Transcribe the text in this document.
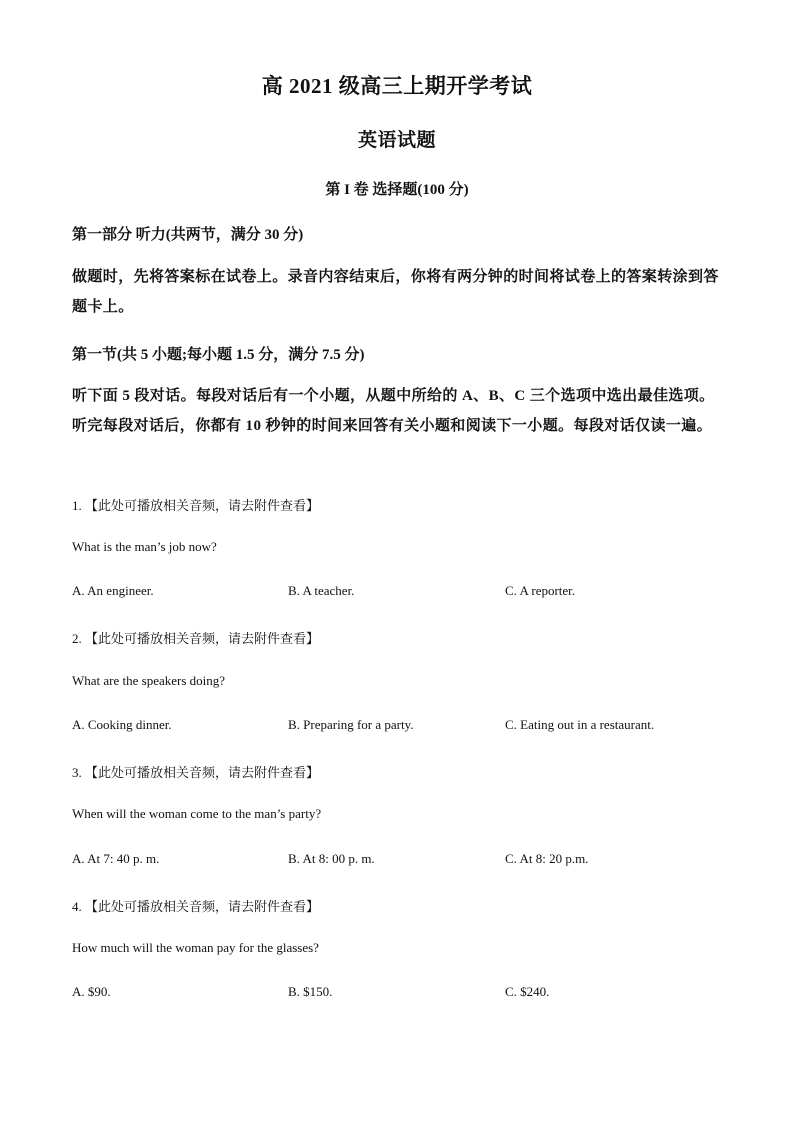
高 2021 级高三上期开学考试
英语试题
第 I 卷 选择题(100 分)
第一部分 听力(共两节，满分 30 分)
做题时，先将答案标在试卷上。录音内容结束后，你将有两分钟的时间将试卷上的答案转涂到答题卡上。
第一节(共 5 小题;每小题 1.5 分，满分 7.5 分)
听下面 5 段对话。每段对话后有一个小题，从题中所给的 A、B、C 三个选项中选出最佳选项。听完每段对话后，你都有 10 秒钟的时间来回答有关小题和阅读下一小题。每段对话仅读一遍。
1. 【此处可播放相关音频，请去附件查看】
What is the man’s job now?
A. An engineer.	B. A teacher.	C. A reporter.
2. 【此处可播放相关音频，请去附件查看】
What are the speakers doing?
A. Cooking dinner.	B. Preparing for a party.	C. Eating out in a restaurant.
3. 【此处可播放相关音频，请去附件查看】
When will the woman come to the man’s party?
A. At 7: 40 p. m.	B. At 8: 00 p. m.	C. At 8: 20 p.m.
4. 【此处可播放相关音频，请去附件查看】
How much will the woman pay for the glasses?
A. $90.	B. $150.	C. $240.
